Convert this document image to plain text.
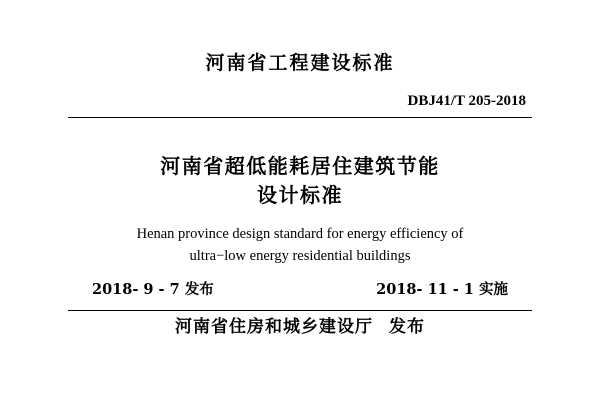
河南省工程建设标准
DBJ41/T 205-2018
河南省超低能耗居住建筑节能
设计标准
Henan province design standard for energy efficiency of
ultra−low energy residential buildings
2018- 9 - 7 发布	2018- 11 - 1 实施
河南省住房和城乡建设厅 发布
